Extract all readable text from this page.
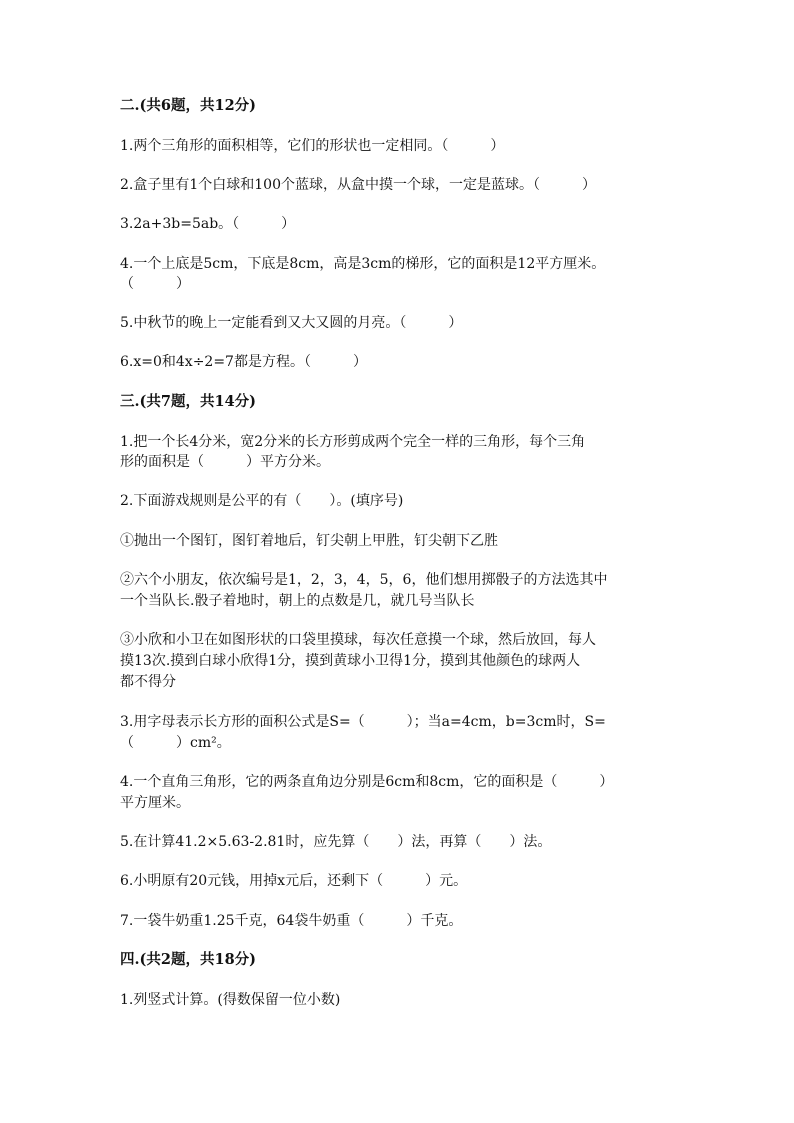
二.(共6题，共12分)
1.两个三角形的面积相等，它们的形状也一定相同。（　　　）
2.盒子里有1个白球和100个蓝球，从盒中摸一个球，一定是蓝球。（　　　）
3.2a+3b=5ab。（　　　）
4.一个上底是5cm，下底是8cm，高是3cm的梯形，它的面积是12平方厘米。
（　　　）
5.中秋节的晚上一定能看到又大又圆的月亮。（　　　）
6.x=0和4x÷2=7都是方程。（　　　）
三.(共7题，共14分)
1.把一个长4分米，宽2分米的长方形剪成两个完全一样的三角形，每个三角
形的面积是（　　　）平方分米。
2.下面游戏规则是公平的有（　　）。(填序号)
①抛出一个图钉，图钉着地后，钉尖朝上甲胜，钉尖朝下乙胜
②六个小朋友，依次编号是1，2，3，4，5，6，他们想用掷骰子的方法选其中
一个当队长.骰子着地时，朝上的点数是几，就几号当队长
③小欣和小卫在如图形状的口袋里摸球，每次任意摸一个球，然后放回，每人
摸13次.摸到白球小欣得1分，摸到黄球小卫得1分，摸到其他颜色的球两人
都不得分
3.用字母表示长方形的面积公式是S=（　　　）；当a=4cm，b=3cm时，S=
（　　　）cm²。
4.一个直角三角形，它的两条直角边分别是6cm和8cm，它的面积是（　　　）
平方厘米。
5.在计算41.2×5.63-2.81时，应先算（　　）法，再算（　　）法。
6.小明原有20元钱，用掉x元后，还剩下（　　　）元。
7.一袋牛奶重1.25千克，64袋牛奶重（　　　）千克。
四.(共2题，共18分)
1.列竖式计算。(得数保留一位小数)
